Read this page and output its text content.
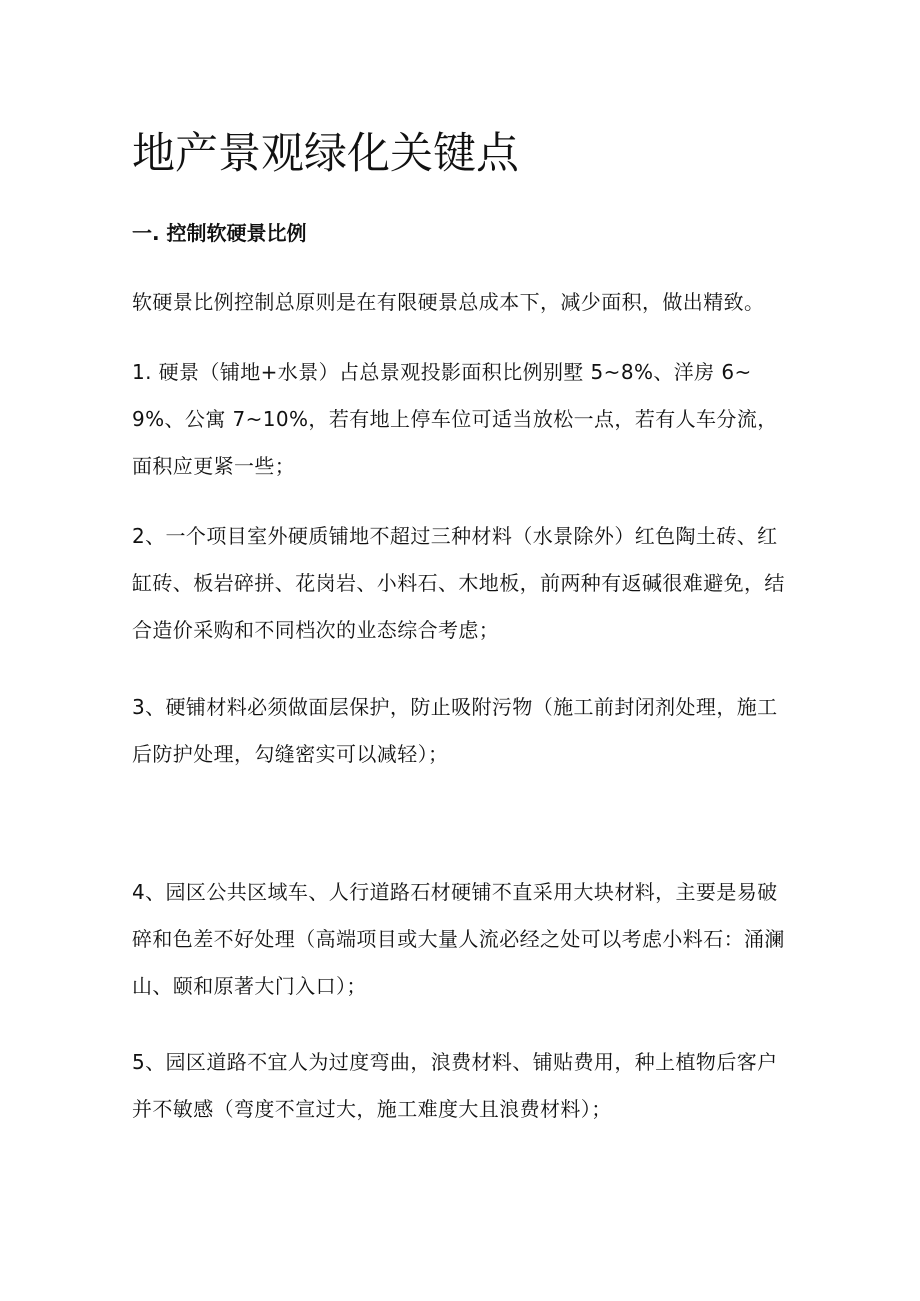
地产景观绿化关键点
一. 控制软硬景比例

软硬景比例控制总原则是在有限硬景总成本下，减少面积，做出精致。

1. 硬景（铺地+水景）占总景观投影面积比例别墅 5~8%、洋房 6~9%、公寓 7~10%，若有地上停车位可适当放松一点，若有人车分流，面积应更紧一些；

2、一个项目室外硬质铺地不超过三种材料（水景除外）红色陶土砖、红缸砖、板岩碎拼、花岗岩、小料石、木地板，前两种有返碱很难避免，结合造价采购和不同档次的业态综合考虑；

3、硬铺材料必须做面层保护，防止吸附污物（施工前封闭剂处理，施工后防护处理，勾缝密实可以减轻）；

4、园区公共区域车、人行道路石材硬铺不直采用大块材料，主要是易破碎和色差不好处理（高端项目或大量人流必经之处可以考虑小料石：涌澜山、颐和原著大门入口）；

5、园区道路不宜人为过度弯曲，浪费材料、铺贴费用，种上植物后客户并不敏感（弯度不宣过大，施工难度大且浪费材料）；
